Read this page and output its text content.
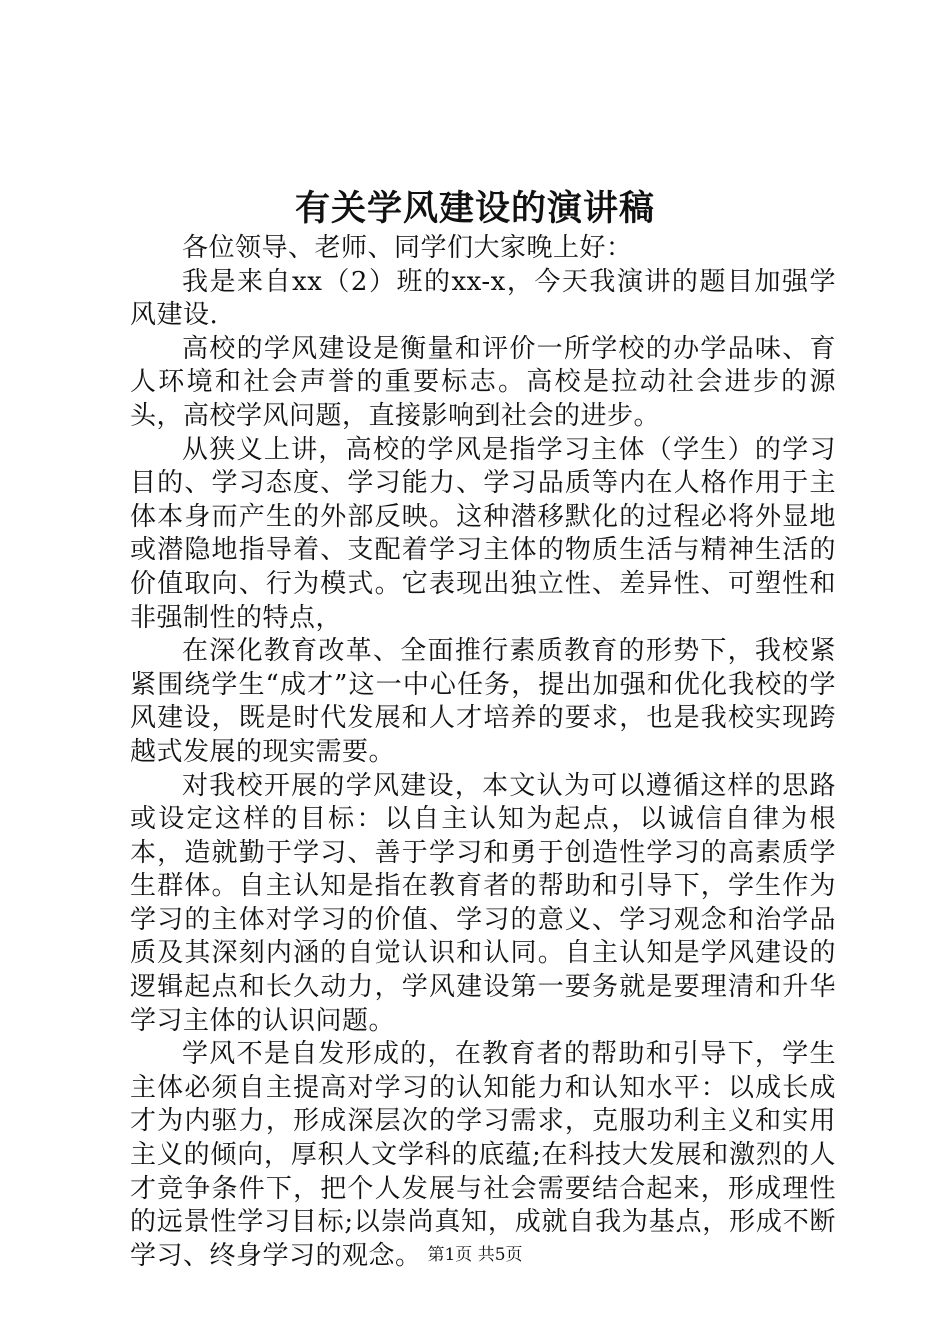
有关学风建设的演讲稿

各位领导、老师、同学们大家晚上好：

我是来自xx（2）班的xx-x，今天我演讲的题目加强学风建设.

高校的学风建设是衡量和评价一所学校的办学品味、育人环境和社会声誉的重要标志。高校是拉动社会进步的源头，高校学风问题，直接影响到社会的进步。

从狭义上讲，高校的学风是指学习主体（学生）的学习目的、学习态度、学习能力、学习品质等内在人格作用于主体本身而产生的外部反映。这种潜移默化的过程必将外显地或潜隐地指导着、支配着学习主体的物质生活与精神生活的价值取向、行为模式。它表现出独立性、差异性、可塑性和非强制性的特点，

在深化教育改革、全面推行素质教育的形势下，我校紧紧围绕学生“成才”这一中心任务，提出加强和优化我校的学风建设，既是时代发展和人才培养的要求，也是我校实现跨越式发展的现实需要。

对我校开展的学风建设，本文认为可以遵循这样的思路或设定这样的目标：以自主认知为起点，以诚信自律为根本，造就勤于学习、善于学习和勇于创造性学习的高素质学生群体。自主认知是指在教育者的帮助和引导下，学生作为学习的主体对学习的价值、学习的意义、学习观念和治学品质及其深刻内涵的自觉认识和认同。自主认知是学风建设的逻辑起点和长久动力，学风建设第一要务就是要理清和升华学习主体的认识问题。

学风不是自发形成的，在教育者的帮助和引导下，学生主体必须自主提高对学习的认知能力和认知水平：以成长成才为内驱力，形成深层次的学习需求，克服功利主义和实用主义的倾向，厚积人文学科的底蕴;在科技大发展和激烈的人才竞争条件下，把个人发展与社会需要结合起来，形成理性的远景性学习目标;以崇尚真知，成就自我为基点，形成不断学习、终身学习的观念。 第1页 共5页
